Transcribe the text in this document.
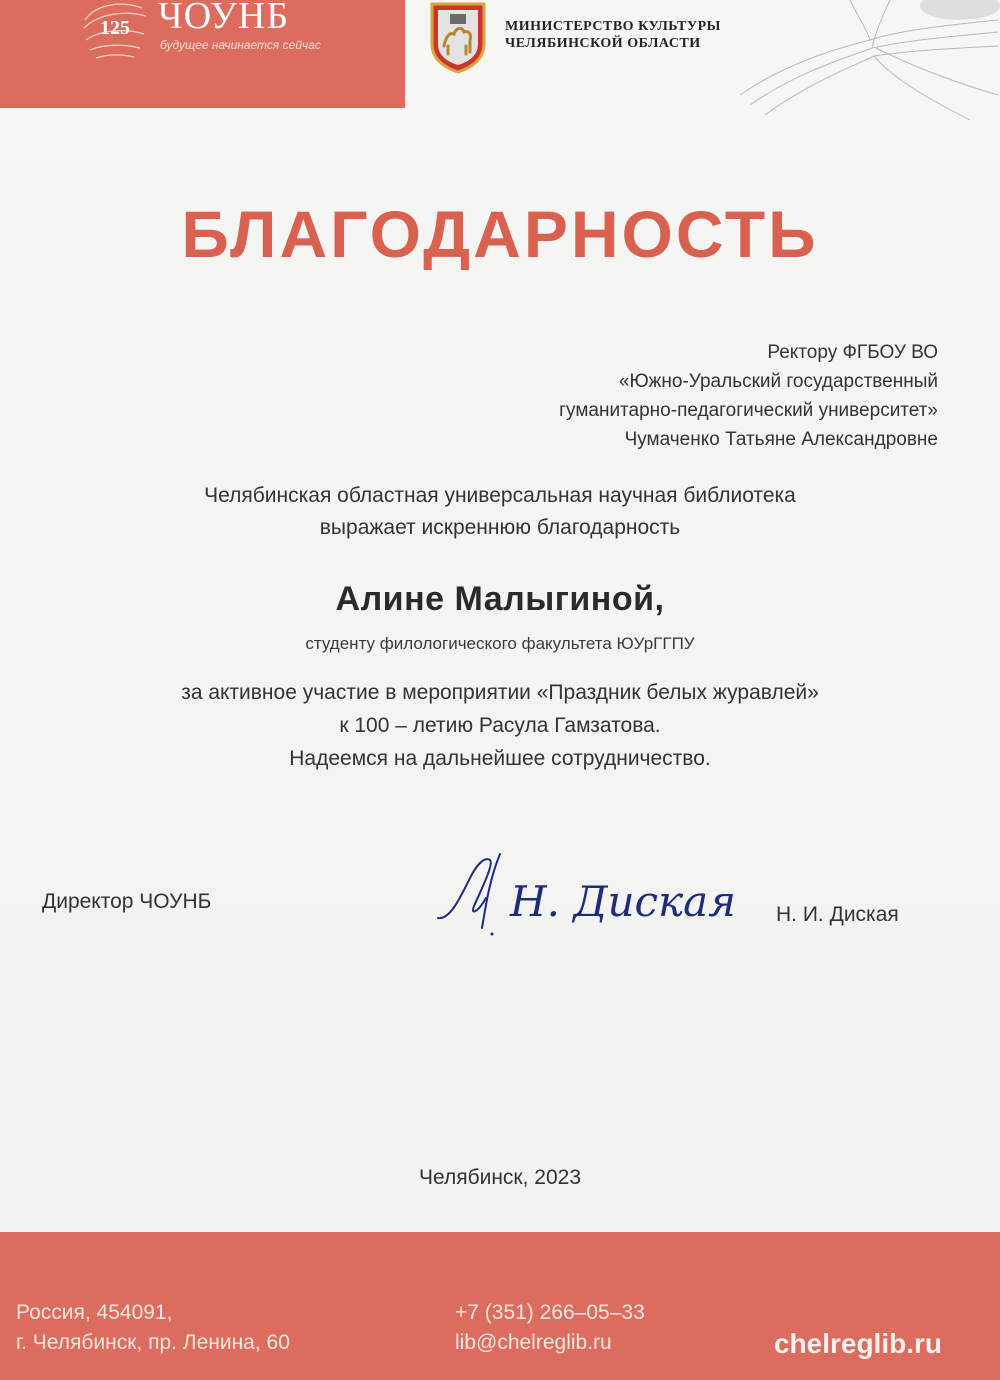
125 ЧОУНБ
будущее начинается сейчас
МИНИСТЕРСТВО КУЛЬТУРЫ
ЧЕЛЯБИНСКОЙ ОБЛАСТИ
БЛАГОДАРНОСТЬ
Ректору ФГБОУ ВО
«Южно-Уральский государственный
гуманитарно-педагогический университет»
Чумаченко Татьяне Александровне
Челябинская областная универсальная научная библиотека
выражает искреннюю благодарность
Алине Малыгиной,
студенту филологического факультета ЮУрГГПУ
за активное участие в мероприятии «Праздник белых журавлей»
к 100 – летию Расула Гамзатова.
Надеемся на дальнейшее сотрудничество.
Директор ЧОУНБ	Н. Диская Н. И. Диская
Челябинск, 2023
Россия, 454091,
г. Челябинск, пр. Ленина, 60
+7 (351) 266–05–33
lib@chelreglib.ru	chelreglib.ru
